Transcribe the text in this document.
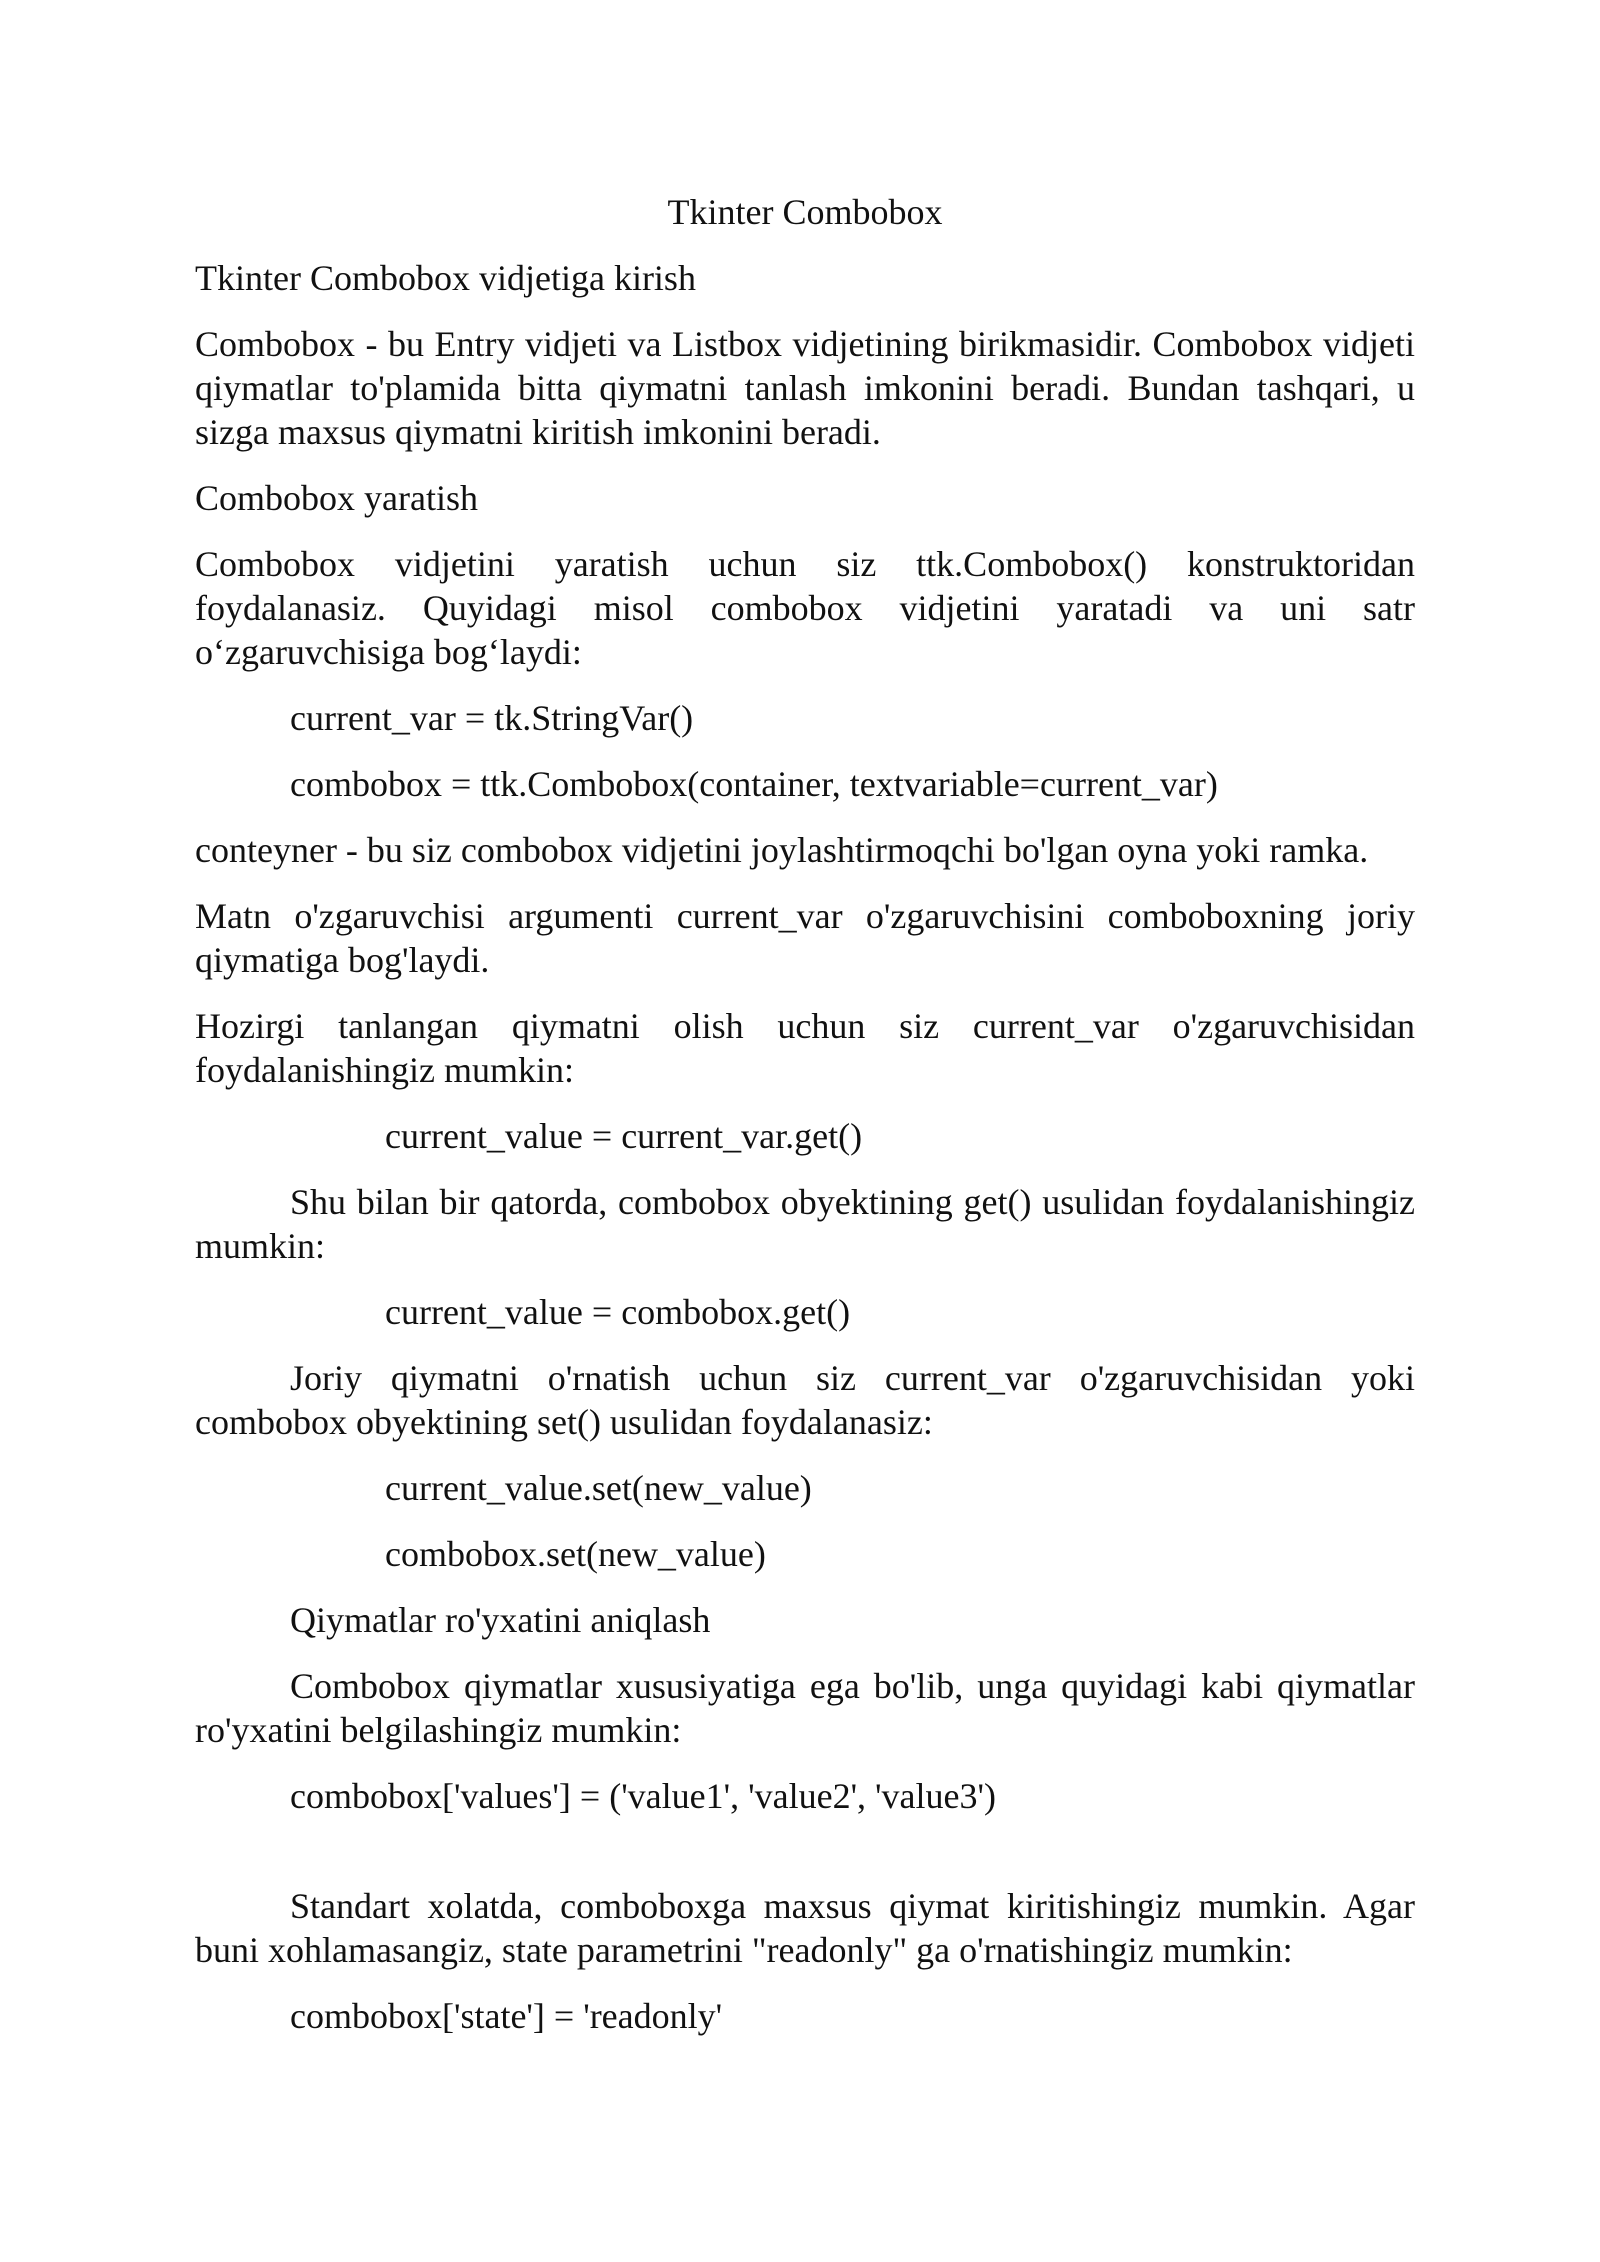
Tkinter Combobox
Tkinter Combobox vidjetiga kirish
Combobox - bu Entry vidjeti va Listbox vidjetining birikmasidir. Combobox vidjeti qiymatlar to'plamida bitta qiymatni tanlash imkonini beradi. Bundan tashqari, u sizga maxsus qiymatni kiritish imkonini beradi.
Combobox yaratish
Combobox vidjetini yaratish uchun siz ttk.Combobox() konstruktoridan foydalanasiz. Quyidagi misol combobox vidjetini yaratadi va uni satr o‘zgaruvchisiga bog‘laydi:
current_var = tk.StringVar()
combobox = ttk.Combobox(container, textvariable=current_var)
conteyner - bu siz combobox vidjetini joylashtirmoqchi bo'lgan oyna yoki ramka.
Matn o'zgaruvchisi argumenti current_var o'zgaruvchisini comboboxning joriy qiymatiga bog'laydi.
Hozirgi tanlangan qiymatni olish uchun siz current_var o'zgaruvchisidan foydalanishingiz mumkin:
current_value = current_var.get()
Shu bilan bir qatorda, combobox obyektining get() usulidan foydalanishingiz mumkin:
current_value = combobox.get()
Joriy qiymatni o'rnatish uchun siz current_var o'zgaruvchisidan yoki combobox obyektining set() usulidan foydalanasiz:
current_value.set(new_value)
combobox.set(new_value)
Qiymatlar ro'yxatini aniqlash
Combobox qiymatlar xususiyatiga ega bo'lib, unga quyidagi kabi qiymatlar ro'yxatini belgilashingiz mumkin:
combobox['values'] = ('value1', 'value2', 'value3')
Standart xolatda, comboboxga maxsus qiymat kiritishingiz mumkin. Agar buni xohlamasangiz, state parametrini "readonly" ga o'rnatishingiz mumkin:
combobox['state'] = 'readonly'
